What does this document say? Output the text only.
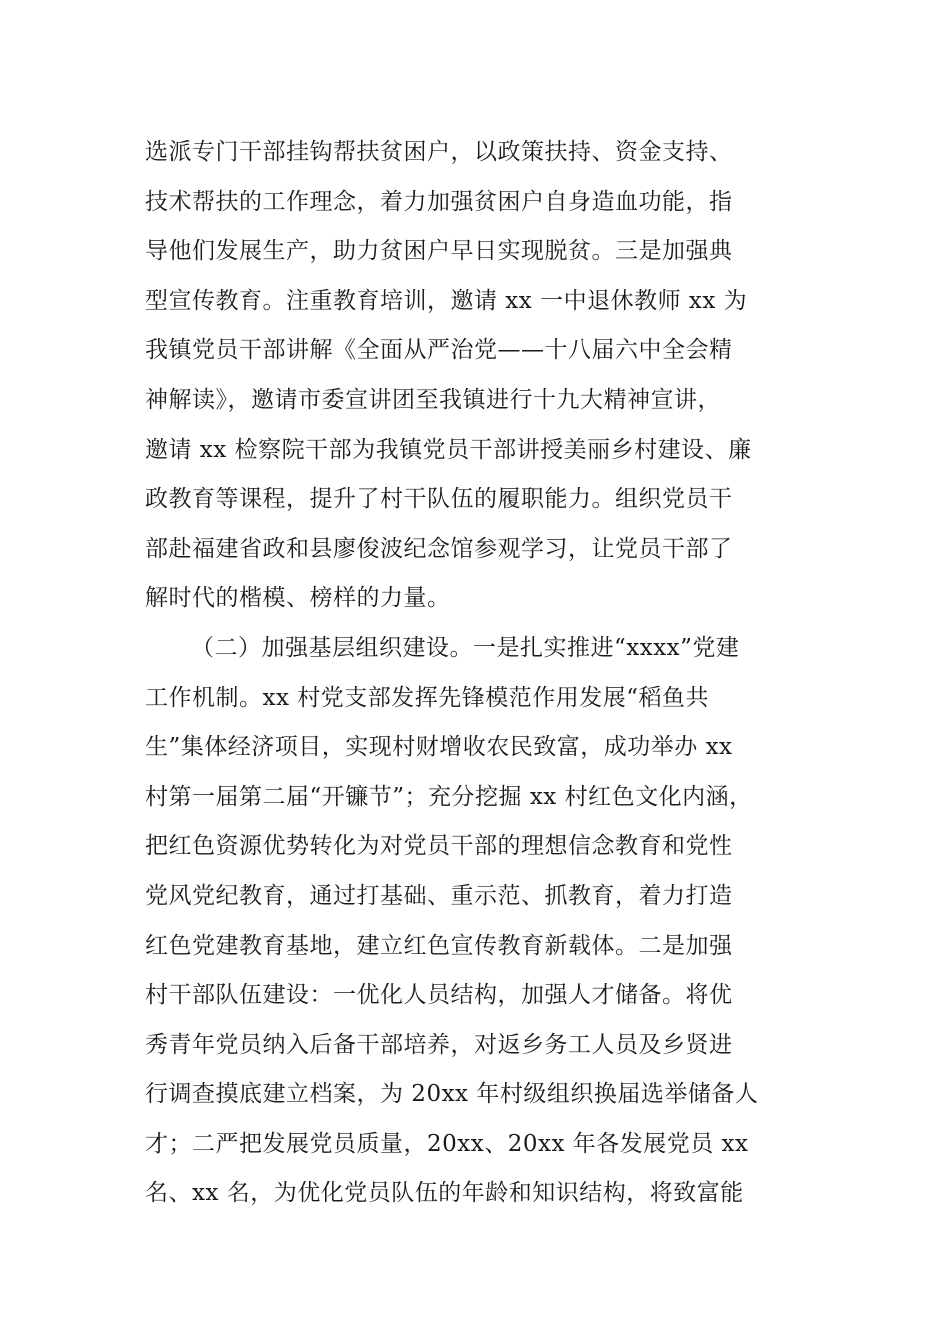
选派专门干部挂钩帮扶贫困户，以政策扶持、资金支持、
技术帮扶的工作理念，着力加强贫困户自身造血功能，指
导他们发展生产，助力贫困户早日实现脱贫。三是加强典
型宣传教育。注重教育培训，邀请 xx 一中退休教师 xx 为
我镇党员干部讲解《全面从严治党——十八届六中全会精
神解读》，邀请市委宣讲团至我镇进行十九大精神宣讲，
邀请 xx 检察院干部为我镇党员干部讲授美丽乡村建设、廉
政教育等课程，提升了村干队伍的履职能力。组织党员干
部赴福建省政和县廖俊波纪念馆参观学习，让党员干部了
解时代的楷模、榜样的力量。
（二）加强基层组织建设。一是扎实推进“xxxx”党建
工作机制。xx 村党支部发挥先锋模范作用发展“稻鱼共
生”集体经济项目，实现村财增收农民致富，成功举办 xx
村第一届第二届“开镰节”；充分挖掘 xx 村红色文化内涵，
把红色资源优势转化为对党员干部的理想信念教育和党性
党风党纪教育，通过打基础、重示范、抓教育，着力打造
红色党建教育基地，建立红色宣传教育新载体。二是加强
村干部队伍建设：一优化人员结构，加强人才储备。将优
秀青年党员纳入后备干部培养，对返乡务工人员及乡贤进
行调查摸底建立档案，为 20xx 年村级组织换届选举储备人
才；二严把发展党员质量，20xx、20xx 年各发展党员 xx
名、xx 名，为优化党员队伍的年龄和知识结构，将致富能
